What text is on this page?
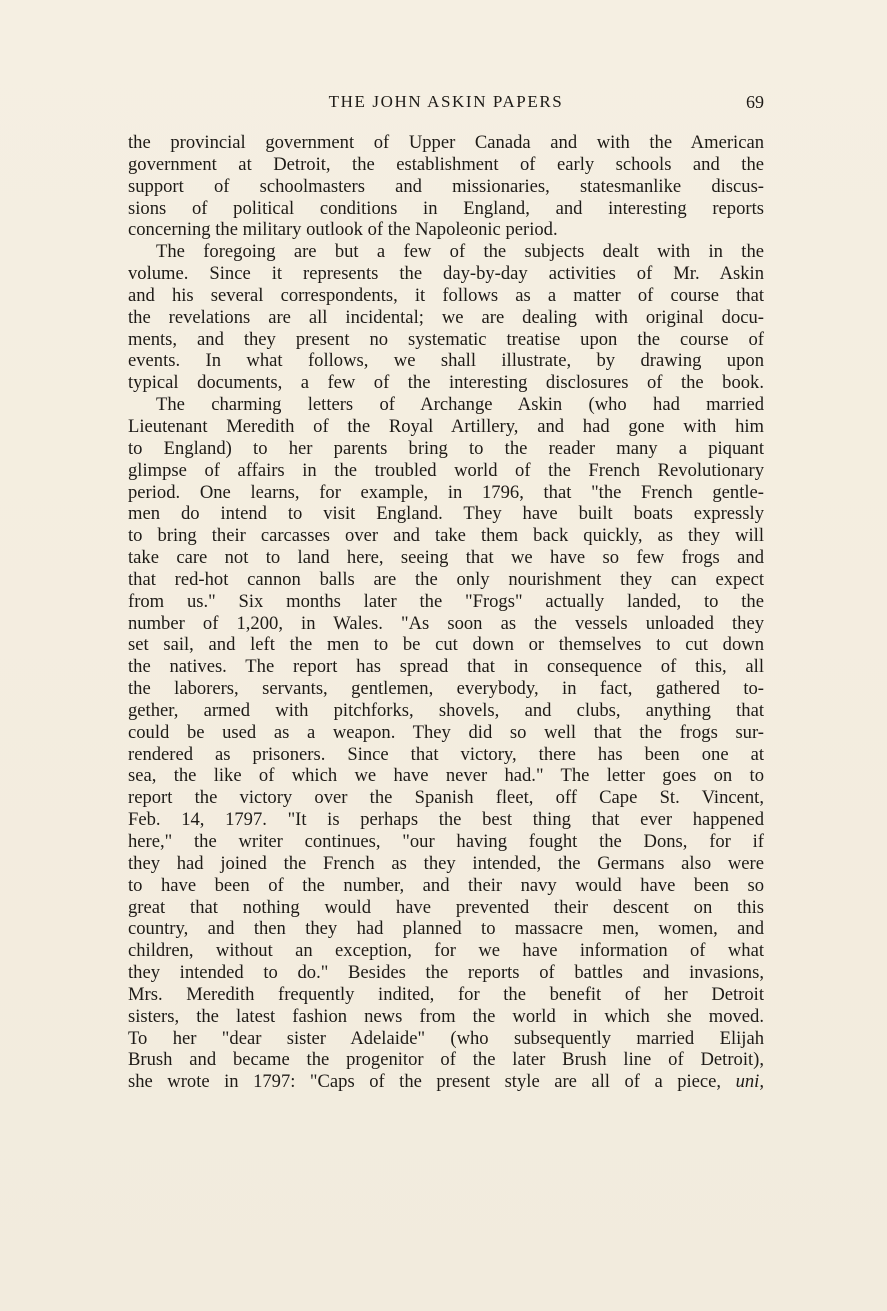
THE JOHN ASKIN PAPERS	69
the provincial government of Upper Canada and with the American
government at Detroit, the establishment of early schools and the
support of schoolmasters and missionaries, statesmanlike discus-
sions of political conditions in England, and interesting reports
concerning the military outlook of the Napoleonic period.
The foregoing are but a few of the subjects dealt with in the
volume. Since it represents the day-by-day activities of Mr. Askin
and his several correspondents, it follows as a matter of course that
the revelations are all incidental; we are dealing with original docu-
ments, and they present no systematic treatise upon the course of
events. In what follows, we shall illustrate, by drawing upon
typical documents, a few of the interesting disclosures of the book.
The charming letters of Archange Askin (who had married
Lieutenant Meredith of the Royal Artillery, and had gone with him
to England) to her parents bring to the reader many a piquant
glimpse of affairs in the troubled world of the French Revolutionary
period. One learns, for example, in 1796, that "the French gentle-
men do intend to visit England. They have built boats expressly
to bring their carcasses over and take them back quickly, as they will
take care not to land here, seeing that we have so few frogs and
that red-hot cannon balls are the only nourishment they can expect
from us." Six months later the "Frogs" actually landed, to the
number of 1,200, in Wales. "As soon as the vessels unloaded they
set sail, and left the men to be cut down or themselves to cut down
the natives. The report has spread that in consequence of this, all
the laborers, servants, gentlemen, everybody, in fact, gathered to-
gether, armed with pitchforks, shovels, and clubs, anything that
could be used as a weapon. They did so well that the frogs sur-
rendered as prisoners. Since that victory, there has been one at
sea, the like of which we have never had." The letter goes on to
report the victory over the Spanish fleet, off Cape St. Vincent,
Feb. 14, 1797. "It is perhaps the best thing that ever happened
here," the writer continues, "our having fought the Dons, for if
they had joined the French as they intended, the Germans also were
to have been of the number, and their navy would have been so
great that nothing would have prevented their descent on this
country, and then they had planned to massacre men, women, and
children, without an exception, for we have information of what
they intended to do." Besides the reports of battles and invasions,
Mrs. Meredith frequently indited, for the benefit of her Detroit
sisters, the latest fashion news from the world in which she moved.
To her "dear sister Adelaide" (who subsequently married Elijah
Brush and became the progenitor of the later Brush line of Detroit),
she wrote in 1797: "Caps of the present style are all of a piece, uni,
